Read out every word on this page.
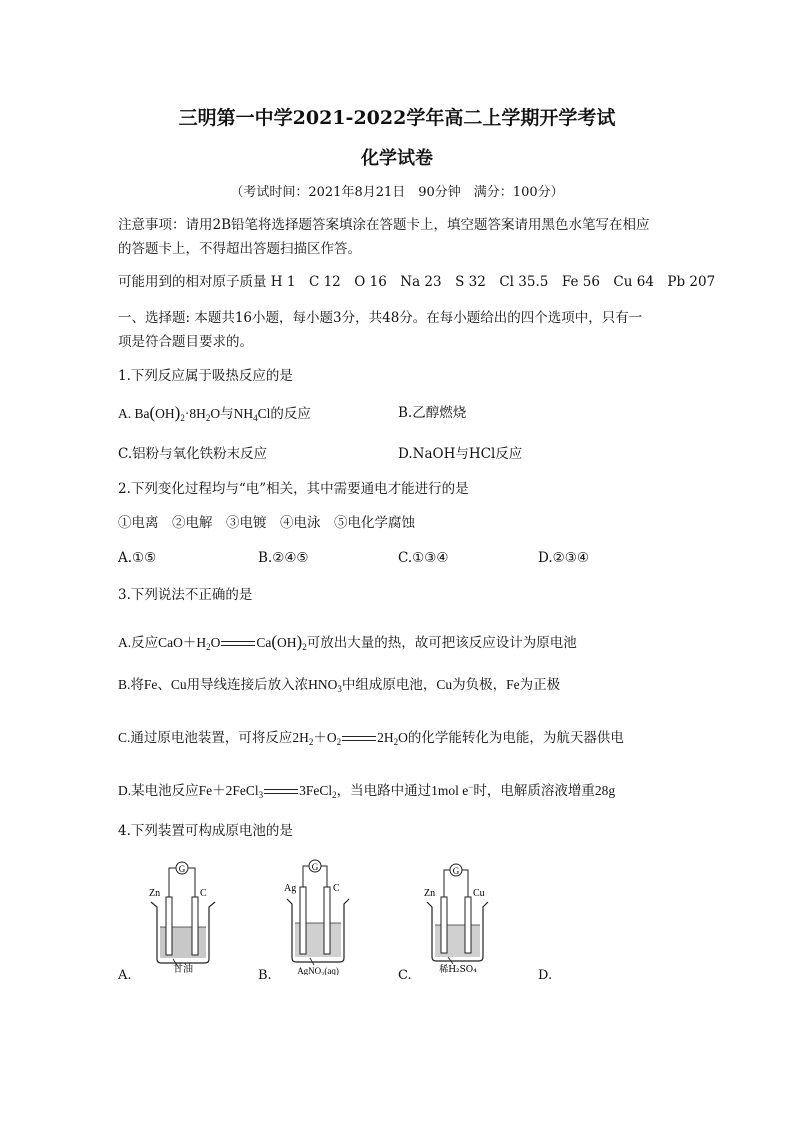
三明第一中学2021-2022学年高二上学期开学考试
化学试卷
（考试时间：2021年8月21日　90分钟　满分：100分）
注意事项：请用2B铅笔将选择题答案填涂在答题卡上，填空题答案请用黑色水笔写在相应
的答题卡上，不得超出答题扫描区作答。
可能用到的相对原子质量 H 1　C 12　O 16　Na 23　S 32　Cl 35.5　Fe 56　Cu 64　Pb 207
一、选择题: 本题共16小题，每小题3分，共48分。在每小题给出的四个选项中，只有一
项是符合题目要求的。
1.下列反应属于吸热反应的是
A. $Ba(OH)_2\cdot 8H_2O$与$NH_4Cl$的反应	B.乙醇燃烧
C.铝粉与氧化铁粉末反应	D.NaOH与HCl反应
2.下列变化过程均与“电”相关，其中需要通电才能进行的是
①电离　②电解　③电镀　④电泳　⑤电化学腐蚀
A.①⑤	B.②④⑤	C.①③④	D.②③④
3.下列说法不正确的是
A.反应$CaO+H_2O$	$Ca(OH)_2$可放出大量的热，故可把该反应设计为原电池
B.将Fe、Cu用导线连接后放入浓$HNO_3$中组成原电池，Cu为负极，Fe为正极
C.通过原电池装置，可将反应$2H_2+O_2$	$2H_2O$的化学能转化为电能，为航天器供电
D.某电池反应Fe＋2FeCl$_3$	3FeCl$_2$，当电路中通过1mol e−时，电解质溶液增重28g
4.下列装置可构成原电池的是
G
Zn	C
甘油
G
Ag	C
AgNO₃(aq)
G
Zn	Cu
稀H₂SO₄
A.	B.	C.	D.
